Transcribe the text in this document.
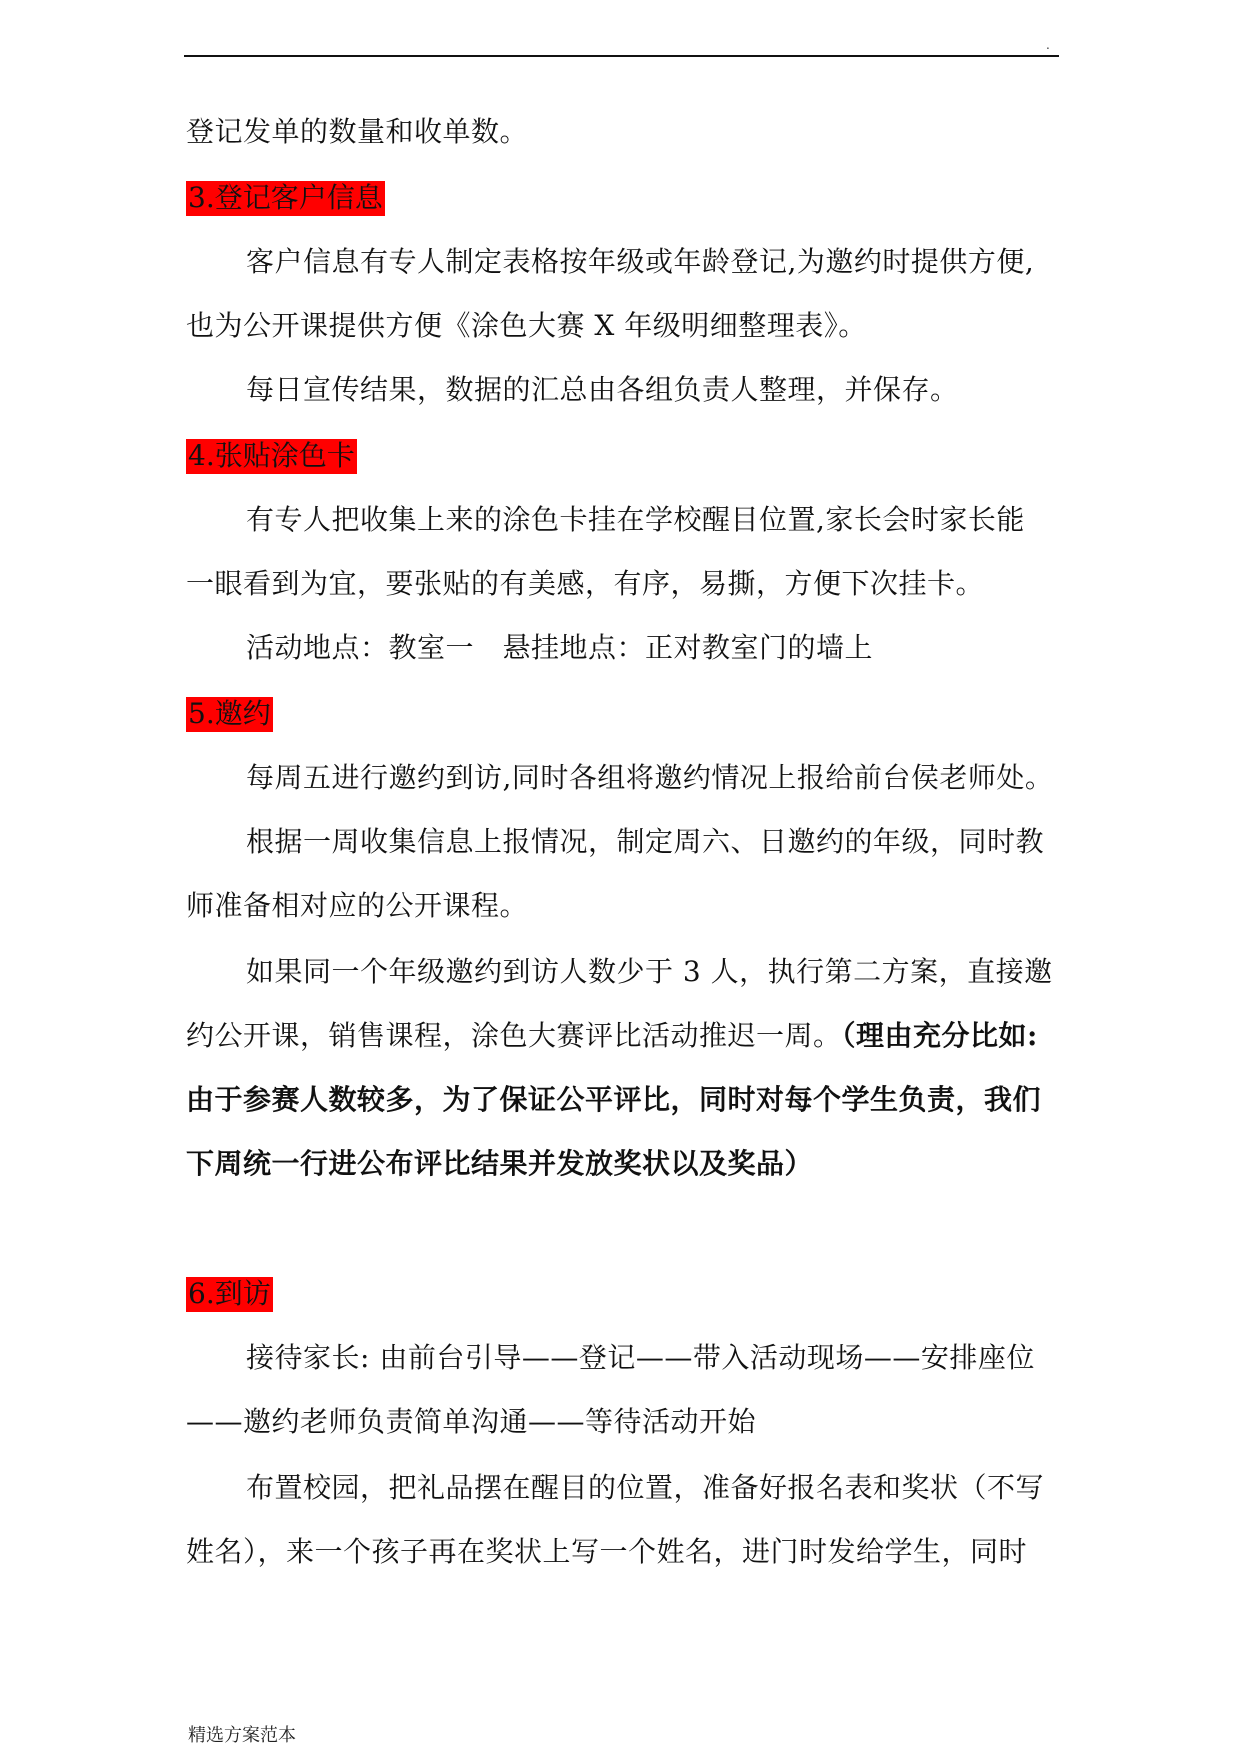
.
登记发单的数量和收单数。
3.登记客户信息
客户信息有专人制定表格按年级或年龄登记,为邀约时提供方便,
也为公开课提供方便《涂色大赛 X 年级明细整理表》。
每日宣传结果，数据的汇总由各组负责人整理，并保存。
4.张贴涂色卡
有专人把收集上来的涂色卡挂在学校醒目位置,家长会时家长能
一眼看到为宜，要张贴的有美感，有序，易撕，方便下次挂卡。
活动地点：教室一　悬挂地点：正对教室门的墙上
5.邀约
每周五进行邀约到访,同时各组将邀约情况上报给前台侯老师处。
根据一周收集信息上报情况，制定周六、日邀约的年级，同时教
师准备相对应的公开课程。
如果同一个年级邀约到访人数少于 3 人，执行第二方案，直接邀
约公开课，销售课程，涂色大赛评比活动推迟一周。（理由充分比如:
由于参赛人数较多，为了保证公平评比，同时对每个学生负责，我们
下周统一行进公布评比结果并发放奖状以及奖品）
6.到访
接待家长: 由前台引导——登记——带入活动现场——安排座位
——邀约老师负责简单沟通——等待活动开始
布置校园，把礼品摆在醒目的位置，准备好报名表和奖状（不写
姓名），来一个孩子再在奖状上写一个姓名，进门时发给学生，同时
精选方案范本
